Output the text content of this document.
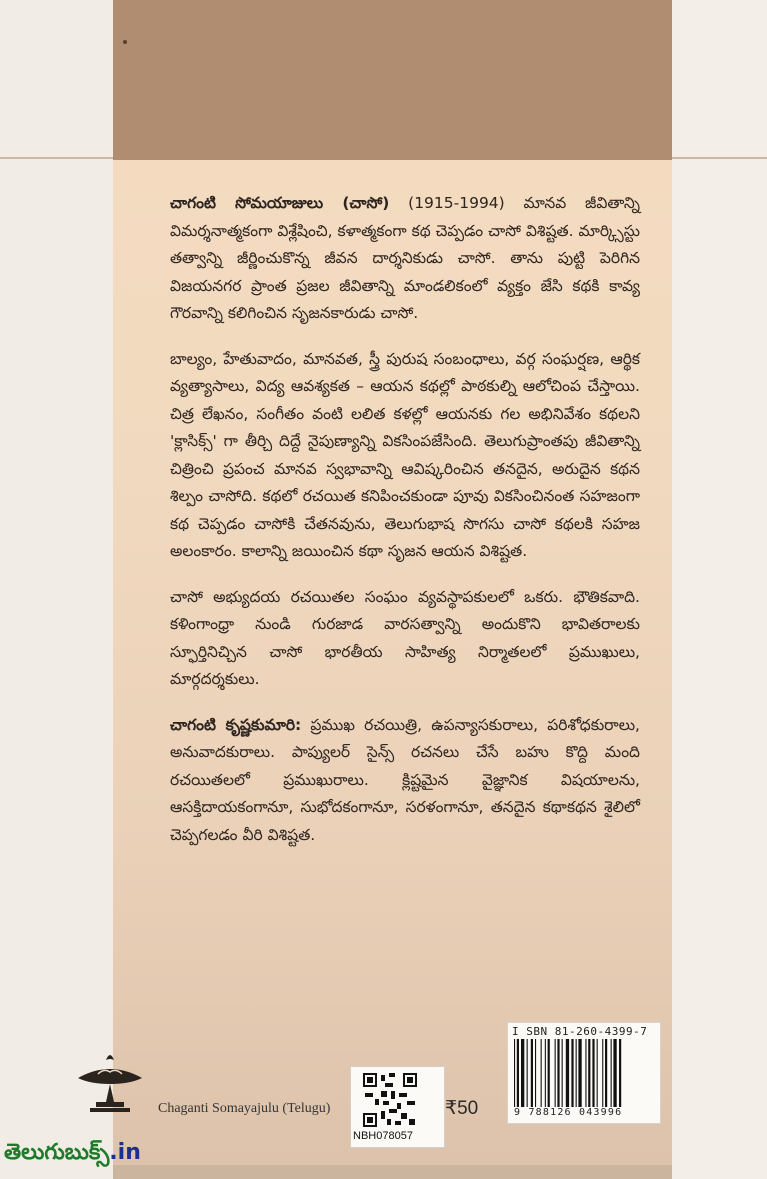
చాగంటి సోమయాజులు (చాసో) (1915-1994) మానవ జీవితాన్ని విమర్శనాత్మకంగా విశ్లేషించి, కళాత్మకంగా కథ చెప్పడం చాసో విశిష్టత. మార్క్సిస్టు తత్వాన్ని జీర్ణించుకొన్న జీవన దార్శనికుడు చాసో. తాను పుట్టి పెరిగిన విజయనగర ప్రాంత ప్రజల జీవితాన్ని మాండలికంలో వ్యక్తం జేసి కథకి కావ్య గౌరవాన్ని కలిగించిన సృజనకారుడు చాసో.

బాల్యం, హేతువాదం, మానవత, స్త్రీ పురుష సంబంధాలు, వర్గ సంఘర్షణ, ఆర్థిక వ్యత్యాసాలు, విద్య ఆవశ్యకత – ఆయన కథల్లో పాఠకుల్ని ఆలోచింప చేస్తాయి. చిత్ర లేఖనం, సంగీతం వంటి లలిత కళల్లో ఆయనకు గల అభినివేశం కథలని 'క్లాసిక్స్' గా తీర్చి దిద్దే నైపుణ్యాన్ని వికసింపజేసింది. తెలుగుప్రాంతపు జీవితాన్ని చిత్రించి ప్రపంచ మానవ స్వభావాన్ని ఆవిష్కరించిన తనదైన, అరుదైన కథన శిల్పం చాసోది. కథలో రచయిత కనిపించకుండా పూవు వికసించినంత సహజంగా కథ చెప్పడం చాసోకి చేతనవును, తెలుగుభాష సొగసు చాసో కథలకి సహజ అలంకారం. కాలాన్ని జయించిన కథా సృజన ఆయన విశిష్టత.

చాసో అభ్యుదయ రచయితల సంఘం వ్యవస్థాపకులలో ఒకరు. భౌతికవాది. కళింగాంధ్రా నుండి గురజాడ వారసత్వాన్ని అందుకొని భావితరాలకు స్ఫూర్తినిచ్చిన చాసో భారతీయ సాహిత్య నిర్మాతలలో ప్రముఖులు, మార్గదర్శకులు.

చాగంటి కృష్ణకుమారి: ప్రముఖ రచయిత్రి, ఉపన్యాసకురాలు, పరిశోధకురాలు, అనువాదకురాలు. పాప్యులర్ సైన్స్ రచనలు చేసే బహు కొద్ది మంది రచయితలలో ప్రముఖురాలు. క్లిష్టమైన వైజ్ఞానిక విషయాలను, ఆసక్తిదాయకంగానూ, సుభోదకంగానూ, సరళంగానూ, తనదైన కథాకథన శైలిలో చెప్పగలడం వీరి విశిష్టత.

Chaganti Somayajulu (Telugu)
NBH078057
₹50
I SBN 81-260-4399-7
9 788126 043996
తెలుగుబుక్స్.in
